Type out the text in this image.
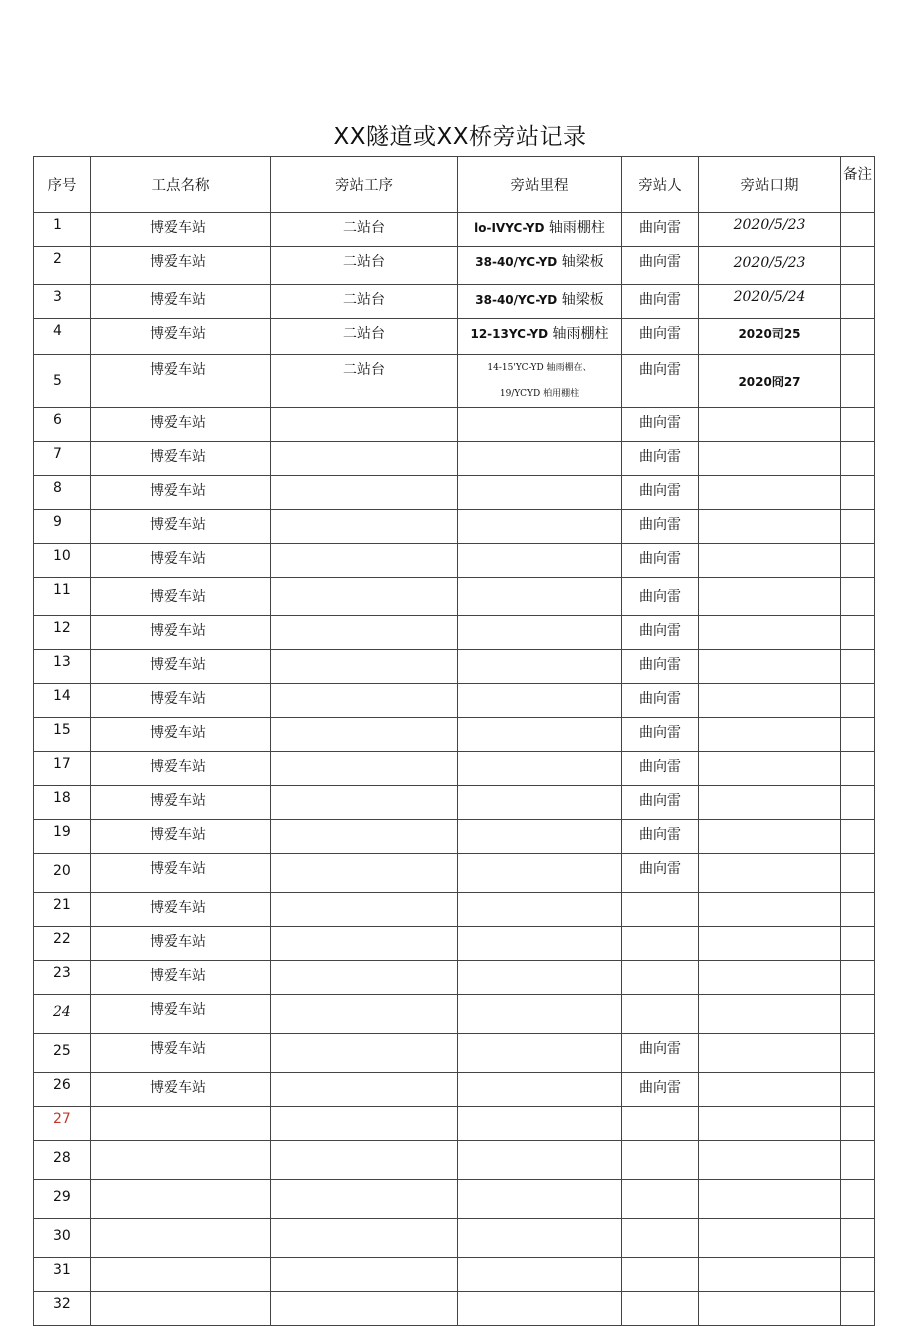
XX隧道或XX桥旁站记录
序号	工点名称	旁站工序	旁站里程	旁站人	旁站口期	备注
1	博爱车站	二站台	lo-IVYC-YD 轴雨棚柱	曲向雷	2020/5/23	
2	博爱车站	二站台	38-40/YC-YD 轴梁板	曲向雷	2020/5/23	
3	博爱车站	二站台	38-40/YC-YD 轴梁板	曲向雷	2020/5/24	
4	博爱车站	二站台	12-13YC-YD 轴雨棚柱	曲向雷	2020司25	
5	博爱车站	二站台	14-15'YC-YD 轴雨棚在、
19/YCYD 柏用棚柱	曲向雷	2020冏27	
6	博爱车站			曲向雷		
7	博爱车站			曲向雷		
8	博爱车站			曲向雷		
9	博爱车站			曲向雷		
10	博爱车站			曲向雷		
11	博爱车站			曲向雷		
12	博爱车站			曲向雷		
13	博爱车站			曲向雷		
14	博爱车站			曲向雷		
15	博爱车站			曲向雷		
17	博爱车站			曲向雷		
18	博爱车站			曲向雷		
19	博爱车站			曲向雷		
20	博爱车站			曲向雷		
21	博爱车站					
22	博爱车站					
23	博爱车站					
24	博爱车站					
25	博爱车站			曲向雷		
26	博爱车站			曲向雷		
27						
28						
29						
30						
31						
32						
